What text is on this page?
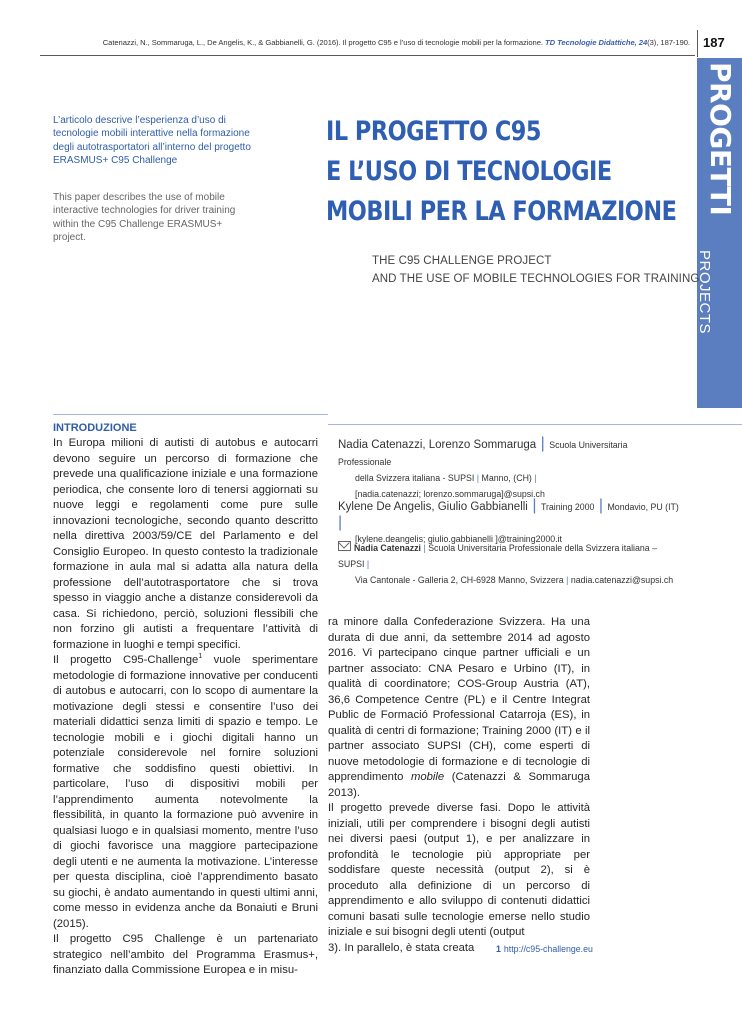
Catenazzi, N., Sommaruga, L., De Angelis, K., & Gabbianelli, G. (2016). Il progetto C95 e l’uso di tecnologie mobili per la formazione. TD Tecnologie Didattiche, 24(3), 187-190. 187
PROGETTI
PROJECTS
L’articolo descrive l’esperienza d’uso di tecnologie mobili interattive nella formazione degli autotrasportatori all’interno del progetto ERASMUS+ C95 Challenge
This paper describes the use of mobile interactive technologies for driver training within the C95 Challenge ERASMUS+ project.
IL PROGETTO C95
E L’USO DI TECNOLOGIE
MOBILI PER LA FORMAZIONE
THE C95 CHALLENGE PROJECT
AND THE USE OF MOBILE TECHNOLOGIES FOR TRAINING
INTRODUZIONE

In Europa milioni di autisti di autobus e autocarri devono seguire un percorso di formazione che prevede una qualificazione iniziale e una formazione periodica, che consente loro di tenersi aggiornati su nuove leggi e regolamenti come pure sulle innovazioni tecnologiche, secondo quanto descritto nella direttiva 2003/59/CE del Parlamento e del Consiglio Europeo. In questo contesto la tradizionale formazione in aula mal si adatta alla natura della professione dell’autotrasportatore che si trova spesso in viaggio anche a distanze considerevoli da casa. Si richiedono, perciò, soluzioni flessibili che non forzino gli autisti a frequentare l’attività di formazione in luoghi e tempi specifici.

Il progetto C95-Challenge$^1$ vuole sperimentare metodologie di formazione innovative per conducenti di autobus e autocarri, con lo scopo di aumentare la motivazione degli stessi e consentire l’uso dei materiali didattici senza limiti di spazio e tempo. Le tecnologie mobili e i giochi digitali hanno un potenziale considerevole nel fornire soluzioni formative che soddisfino questi obiettivi. In particolare, l’uso di dispositivi mobili per l’apprendimento aumenta notevolmente la flessibilità, in quanto la formazione può avvenire in qualsiasi luogo e in qualsiasi momento, mentre l’uso di giochi favorisce una maggiore partecipazione degli utenti e ne aumenta la motivazione. L’interesse per questa disciplina, cioè l’apprendimento basato su giochi, è andato aumentando in questi ultimi anni, come messo in evidenza anche da Bonaiuti e Bruni (2015).

Il progetto C95 Challenge è un partenariato strategico nell’ambito del Programma Erasmus+, finanziato dalla Commissione Europea e in misu-

Nadia Catenazzi, Lorenzo Sommaruga | Scuola Universitaria Professionale
della Svizzera italiana - SUPSI | Manno, (CH) |
[nadia.catenazzi; lorenzo.sommaruga]@supsi.ch
Kylene De Angelis, Giulio Gabbianelli | Training 2000 | Mondavio, PU (IT) |
[kylene.deangelis; giulio.gabbianelli ]@training2000.it
Nadia Catenazzi | Scuola Universitaria Professionale della Svizzera italiana – SUPSI |
Via Cantonale - Galleria 2, CH-6928 Manno, Svizzera | nadia.catenazzi@supsi.ch

ra minore dalla Confederazione Svizzera. Ha una durata di due anni, da settembre 2014 ad agosto 2016. Vi partecipano cinque partner ufficiali e un partner associato: CNA Pesaro e Urbino (IT), in qualità di coordinatore; COS-Group Austria (AT), 36,6 Competence Centre (PL) e il Centre Integrat Public de Formació Professional Catarroja (ES), in qualità di centri di formazione; Training 2000 (IT) e il partner associato SUPSI (CH), come esperti di nuove metodologie di formazione e di tecnologie di apprendimento mobile (Catenazzi & Sommaruga 2013).

Il progetto prevede diverse fasi. Dopo le attività iniziali, utili per comprendere i bisogni degli autisti nei diversi paesi (output 1), e per analizzare in profondità le tecnologie più appropriate per soddisfare queste necessità (output 2), si è proceduto alla definizione di un percorso di apprendimento e allo sviluppo di contenuti didattici comuni basati sulle tecnologie emerse nello studio iniziale e sui bisogni degli utenti (output

3). In parallelo, è stata creata	1 http://c95-challenge.eu
